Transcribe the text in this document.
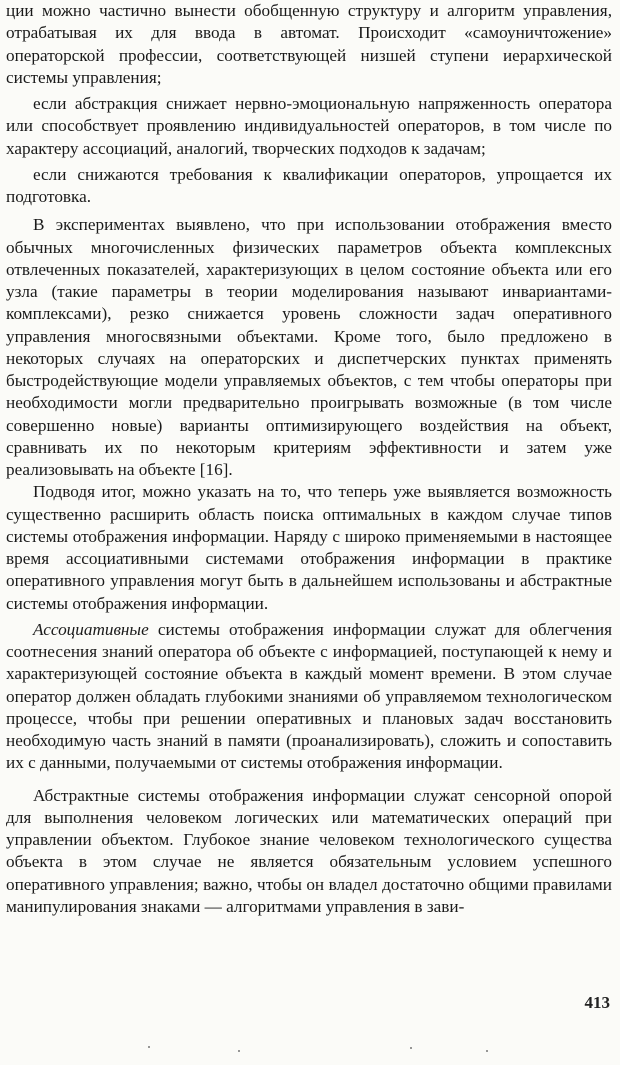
ции можно частично вынести обобщенную структуру и алгоритм управления, отрабатывая их для ввода в автомат. Происходит «самоуничтожение» операторской профессии, соответствующей низшей ступени иерархической системы управления;

если абстракция снижает нервно-эмоциональную напряженность оператора или способствует проявлению индивидуальностей операторов, в том числе по характеру ассоциаций, аналогий, творческих подходов к задачам;

если снижаются требования к квалификации операторов, упрощается их подготовка.

В экспериментах выявлено, что при использовании отображения вместо обычных многочисленных физических параметров объекта комплексных отвлеченных показателей, характеризующих в целом состояние объекта или его узла (такие параметры в теории моделирования называют инвариантами-комплексами), резко снижается уровень сложности задач оперативного управления многосвязными объектами. Кроме того, было предложено в некоторых случаях на операторских и диспетчерских пунктах применять быстродействующие модели управляемых объектов, с тем чтобы операторы при необходимости могли предварительно проигрывать возможные (в том числе совершенно новые) варианты оптимизирующего воздействия на объект, сравнивать их по некоторым критериям эффективности и затем уже реализовывать на объекте [16].

Подводя итог, можно указать на то, что теперь уже выявляется возможность существенно расширить область поиска оптимальных в каждом случае типов системы отображения информации. Наряду с широко применяемыми в настоящее время ассоциативными системами отображения информации в практике оперативного управления могут быть в дальнейшем использованы и абстрактные системы отображения информации.

Ассоциативные системы отображения информации служат для облегчения соотнесения знаний оператора об объекте с информацией, поступающей к нему и характеризующей состояние объекта в каждый момент времени. В этом случае оператор должен обладать глубокими знаниями об управляемом технологическом процессе, чтобы при решении оперативных и плановых задач восстановить необходимую часть знаний в памяти (проанализировать), сложить и сопоставить их с данными, получаемыми от системы отображения информации.

Абстрактные системы отображения информации служат сенсорной опорой для выполнения человеком логических или математических операций при управлении объектом. Глубокое знание человеком технологического существа объекта в этом случае не является обязательным условием успешного оперативного управления; важно, чтобы он владел достаточно общими правилами манипулирования знаками — алгоритмами управления в зави-

413
